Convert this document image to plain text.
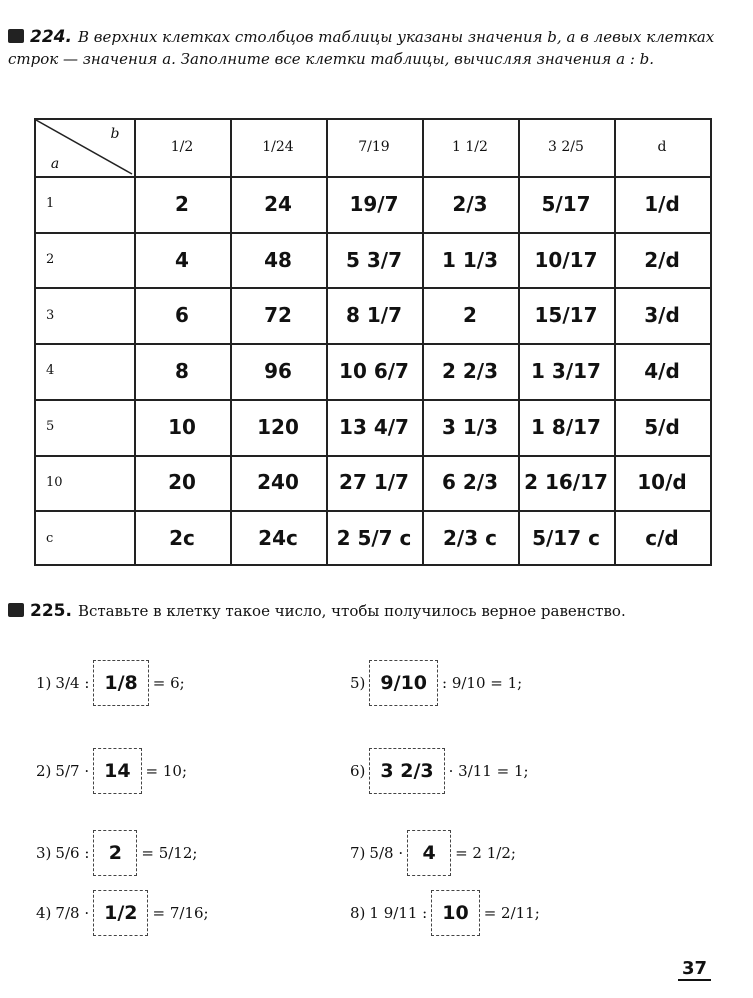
224. В верхних клетках столбцов таблицы указаны значения b, а в левых клетках строк — значения a. Заполните все клетки таблицы, вычисляя значения a : b.
b
a
1/2	1/24	7/19	1 1/2	3 2/5	d
1	2	24	19/7	2/3	5/17	1/d
2	4	48	5 3/7	1 1/3	10/17	2/d
3	6	72	8 1/7	2	15/17	3/d
4	8	96	10 6/7	2 2/3	1 3/17	4/d
5	10	120	13 4/7	3 1/3	1 8/17	5/d
10	20	240	27 1/7	6 2/3	2 16/17	10/d
c	2c	24c	2 5/7 c	2/3 c	5/17 c	c/d
225. Вставьте в клетку такое число, чтобы получилось верное равенство.
1) 3/4 : 1/8 = 6;
2) 5/7 · 14 = 10;
3) 5/6 : 2 = 5/12;
4) 7/8 · 1/2 = 7/16;
5) 9/10 : 9/10 = 1;
6) 3 2/3 · 3/11 = 1;
7) 5/8 · 4 = 2 1/2;
8) 1 9/11 : 10 = 2/11;
37
